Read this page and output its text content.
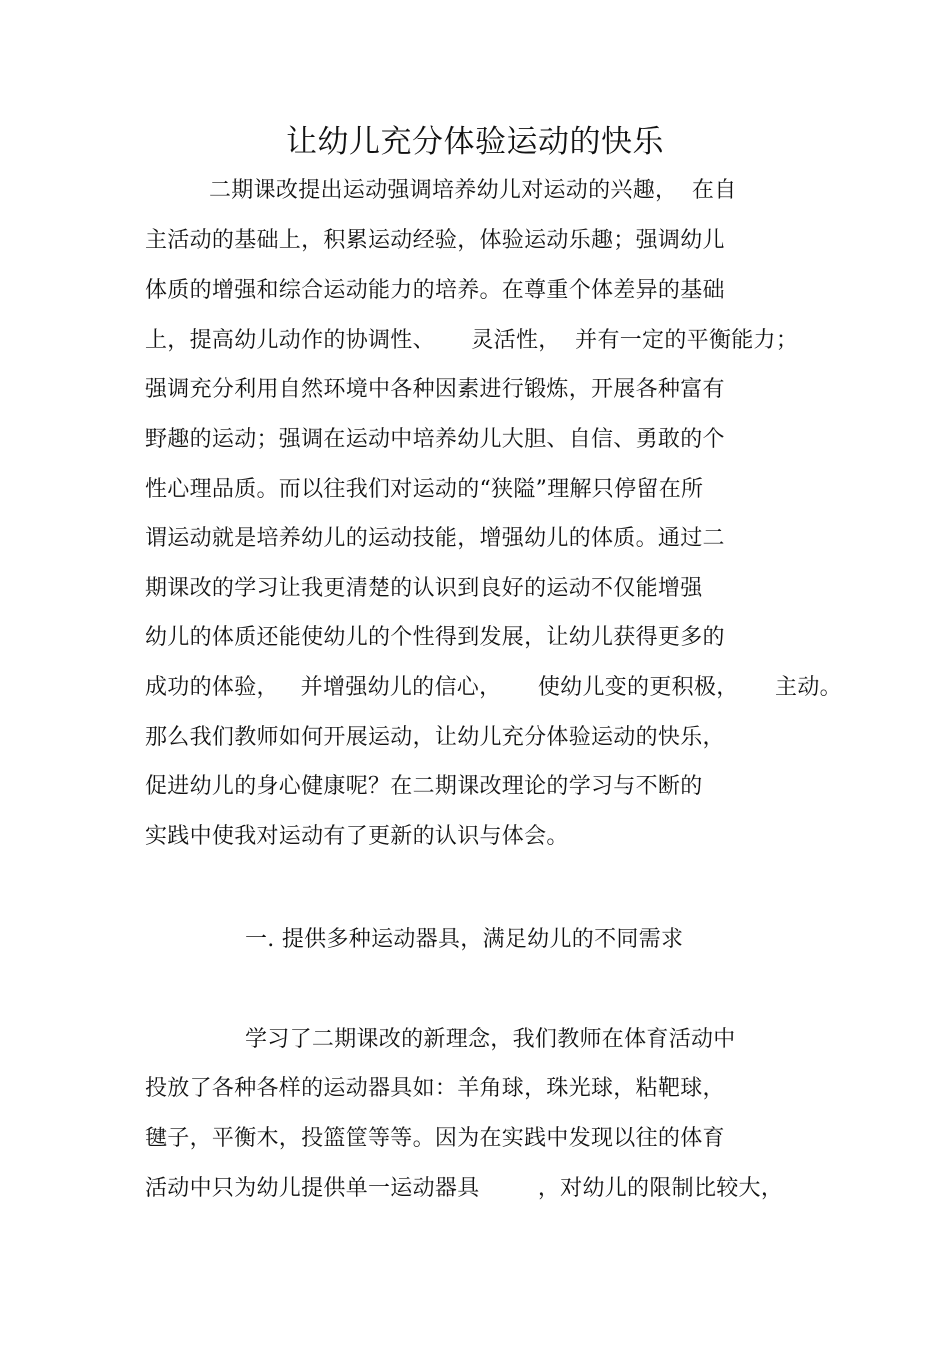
让幼儿充分体验运动的快乐
二期课改提出运动强调培养幼儿对运动的兴趣，  在自
主活动的基础上，积累运动经验，体验运动乐趣；强调幼儿
体质的增强和综合运动能力的培养。在尊重个体差异的基础
上，提高幼儿动作的协调性、     灵活性，  并有一定的平衡能力；
强调充分利用自然环境中各种因素进行锻炼，开展各种富有
野趣的运动；强调在运动中培养幼儿大胆、自信、勇敢的个
性心理品质。而以往我们对运动的“狭隘”理解只停留在所
谓运动就是培养幼儿的运动技能，增强幼儿的体质。通过二
期课改的学习让我更清楚的认识到良好的运动不仅能增强
幼儿的体质还能使幼儿的个性得到发展，让幼儿获得更多的
成功的体验，   并增强幼儿的信心，     使幼儿变的更积极，     主动。
那么我们教师如何开展运动，让幼儿充分体验运动的快乐，
促进幼儿的身心健康呢？在二期课改理论的学习与不断的
实践中使我对运动有了更新的认识与体会。
一. 提供多种运动器具，满足幼儿的不同需求
学习了二期课改的新理念，我们教师在体育活动中
投放了各种各样的运动器具如：羊角球，珠光球，粘靶球，
毽子，平衡木，投篮筐等等。因为在实践中发现以往的体育
活动中只为幼儿提供单一运动器具        ，对幼儿的限制比较大，
